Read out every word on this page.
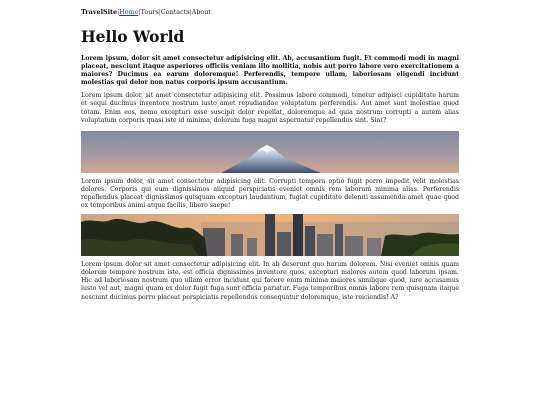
TravelSite|Home|Tours|Contacts|About
Hello World

Lorem ipsum, dolor sit amet consectetur adipisicing elit. Ab, accusantium fugit. Et commodi modi in magni placeat, nesciunt itaque asperiores officiis veniam illo mollitia, nobis aut porro labore vero exercitationem a maiores? Ducimus ea earum doloremque! Perferendis, tempore ullam, laboriosam eligendi incidunt molestias qui dolor non natus corporis ipsum accusantium.

Lorem ipsum dolor, sit amet consectetur adipisicing elit. Possimus labore commodi, tenetur adipisci cupiditate harum et sequi ducimus inventore nostrum iusto amet repudiandae voluptatum perferendis. Aut amet sunt molestiae quod totam. Enim eos, nemo excepturi esse suscipit dolor repellat, doloremque ad quia nostrum corrupti a autem alias voluptatum corporis quasi iste id minima, dolorum fuga magni aspernatur repellendus sint. Sint?

Lorem ipsum dolor, sit amet consectetur adipisicing elit. Corrupti tempora optio fugit porro impedit velit molestias dolores. Corporis qui eum dignissimos aliquid perspiciatis eveniet omnis rem laborum minima alias. Perferendis repellendus placeat dignissimos quisquam excepturi laudantium, fugiat cupiditate deleniti assumenda amet quae quod ex temporibus animi atque facilis, libero saepe!

Lorem ipsum dolor sit amet consectetur adipisicing elit. In ab deserunt quo harum dolorem. Nisi eveniet omnis quam dolorem tempore nostrum iste, est officia dignissimos inventore quos, excepturi maiores autem quod laborum ipsam. Hic ad laboriosam nostrum quo ullam error incidunt qui facere enim minima maiores similique quod, iure accusamus iusto vel aut, magni quam ex dolor fugit fuga sunt officia pariatur. Fuga temporibus omnis labore rem quisquam itaque nesciunt ducimus porro placeat perspiciatis repellendus consequatur doloremque, iste reiciendis! A?
